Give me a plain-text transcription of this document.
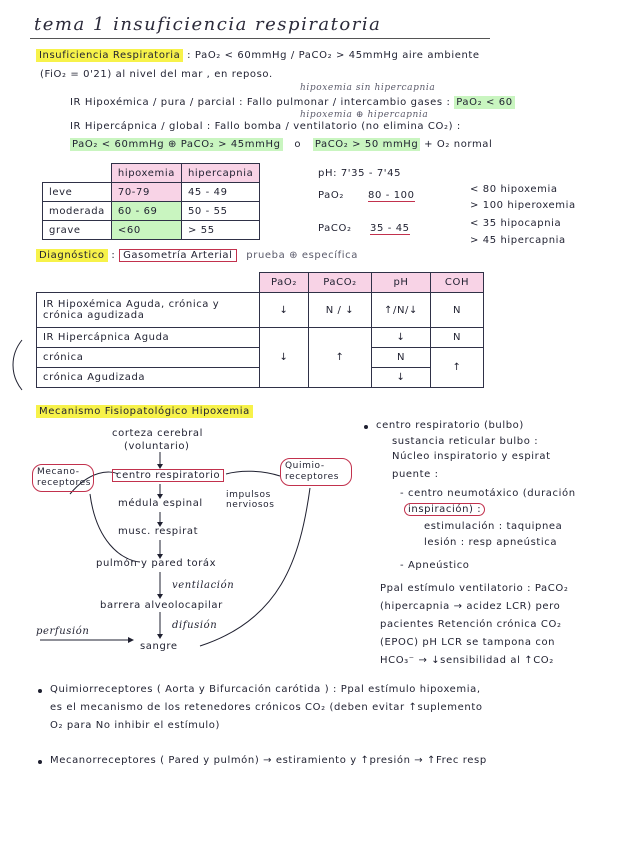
tema 1 insuficiencia respiratoria
Insuficiencia Respiratoria : PaO₂ < 60mmHg / PaCO₂ > 45mmHg aire ambiente
(FiO₂ = 0'21) al nivel del mar , en reposo.
hipoxemia sin hipercapnia
IR Hipoxémica / pura / parcial : Fallo pulmonar / intercambio gases : PaO₂ < 60
hipoxemia ⊕ hipercapnia
IR Hipercápnica / global : Fallo bomba / ventilatorio (no elimina CO₂) :
PaO₂ < 60mmHg ⊕ PaCO₂ > 45mmHg o PaCO₂ > 50 mmHg + O₂ normal
	hipoxemia	hipercapnia
leve	70-79	45 - 49
moderada	60 - 69	50 - 55
grave	<60	> 55
pH: 7'35 - 7'45
PaO₂ 80 - 100
< 80 hipoxemia
> 100 hiperoxemia
PaCO₂ 35 - 45	< 35 hipocapnia
> 45 hipercapnia
Diagnóstico : Gasometría Arterial prueba ⊕ específica
	PaO₂	PaCO₂	pH	COH
IR Hipoxémica Aguda, crónica y crónica agudizada	↓	N / ↓	↑/N/↓	N
IR Hipercápnica Aguda	↓	↑	↓	N
crónica			N	↑
crónica Agudizada			↓	
Mecanismo Fisiopatológico Hipoxemia
corteza cerebral
(voluntario)
centro respiratorio
Mecano-receptores
Quimio-receptores
médula espinal
impulsos nerviosos
musc. respirat
pulmón y pared toráx
ventilación
barrera alveolocapilar
difusión
perfusión
sangre
centro respiratorio (bulbo)
sustancia reticular bulbo :
Núcleo inspiratorio y espirat
puente :
- centro neumotáxico (duración
inspiración) :
estimulación : taquipnea
lesión : resp apneústica
- Apneústico
Ppal estímulo ventilatorio : PaCO₂
(hipercapnia → acidez LCR) pero
pacientes Retención crónica CO₂
(EPOC) pH LCR se tampona con
HCO₃⁻ → ↓sensibilidad al ↑CO₂
Quimiorreceptores ( Aorta y Bifurcación carótida ) : Ppal estímulo hipoxemia,
es el mecanismo de los retenedores crónicos CO₂ (deben evitar ↑suplemento
O₂ para No inhibir el estímulo)
Mecanorreceptores ( Pared y pulmón) → estiramiento y ↑presión → ↑Frec resp
